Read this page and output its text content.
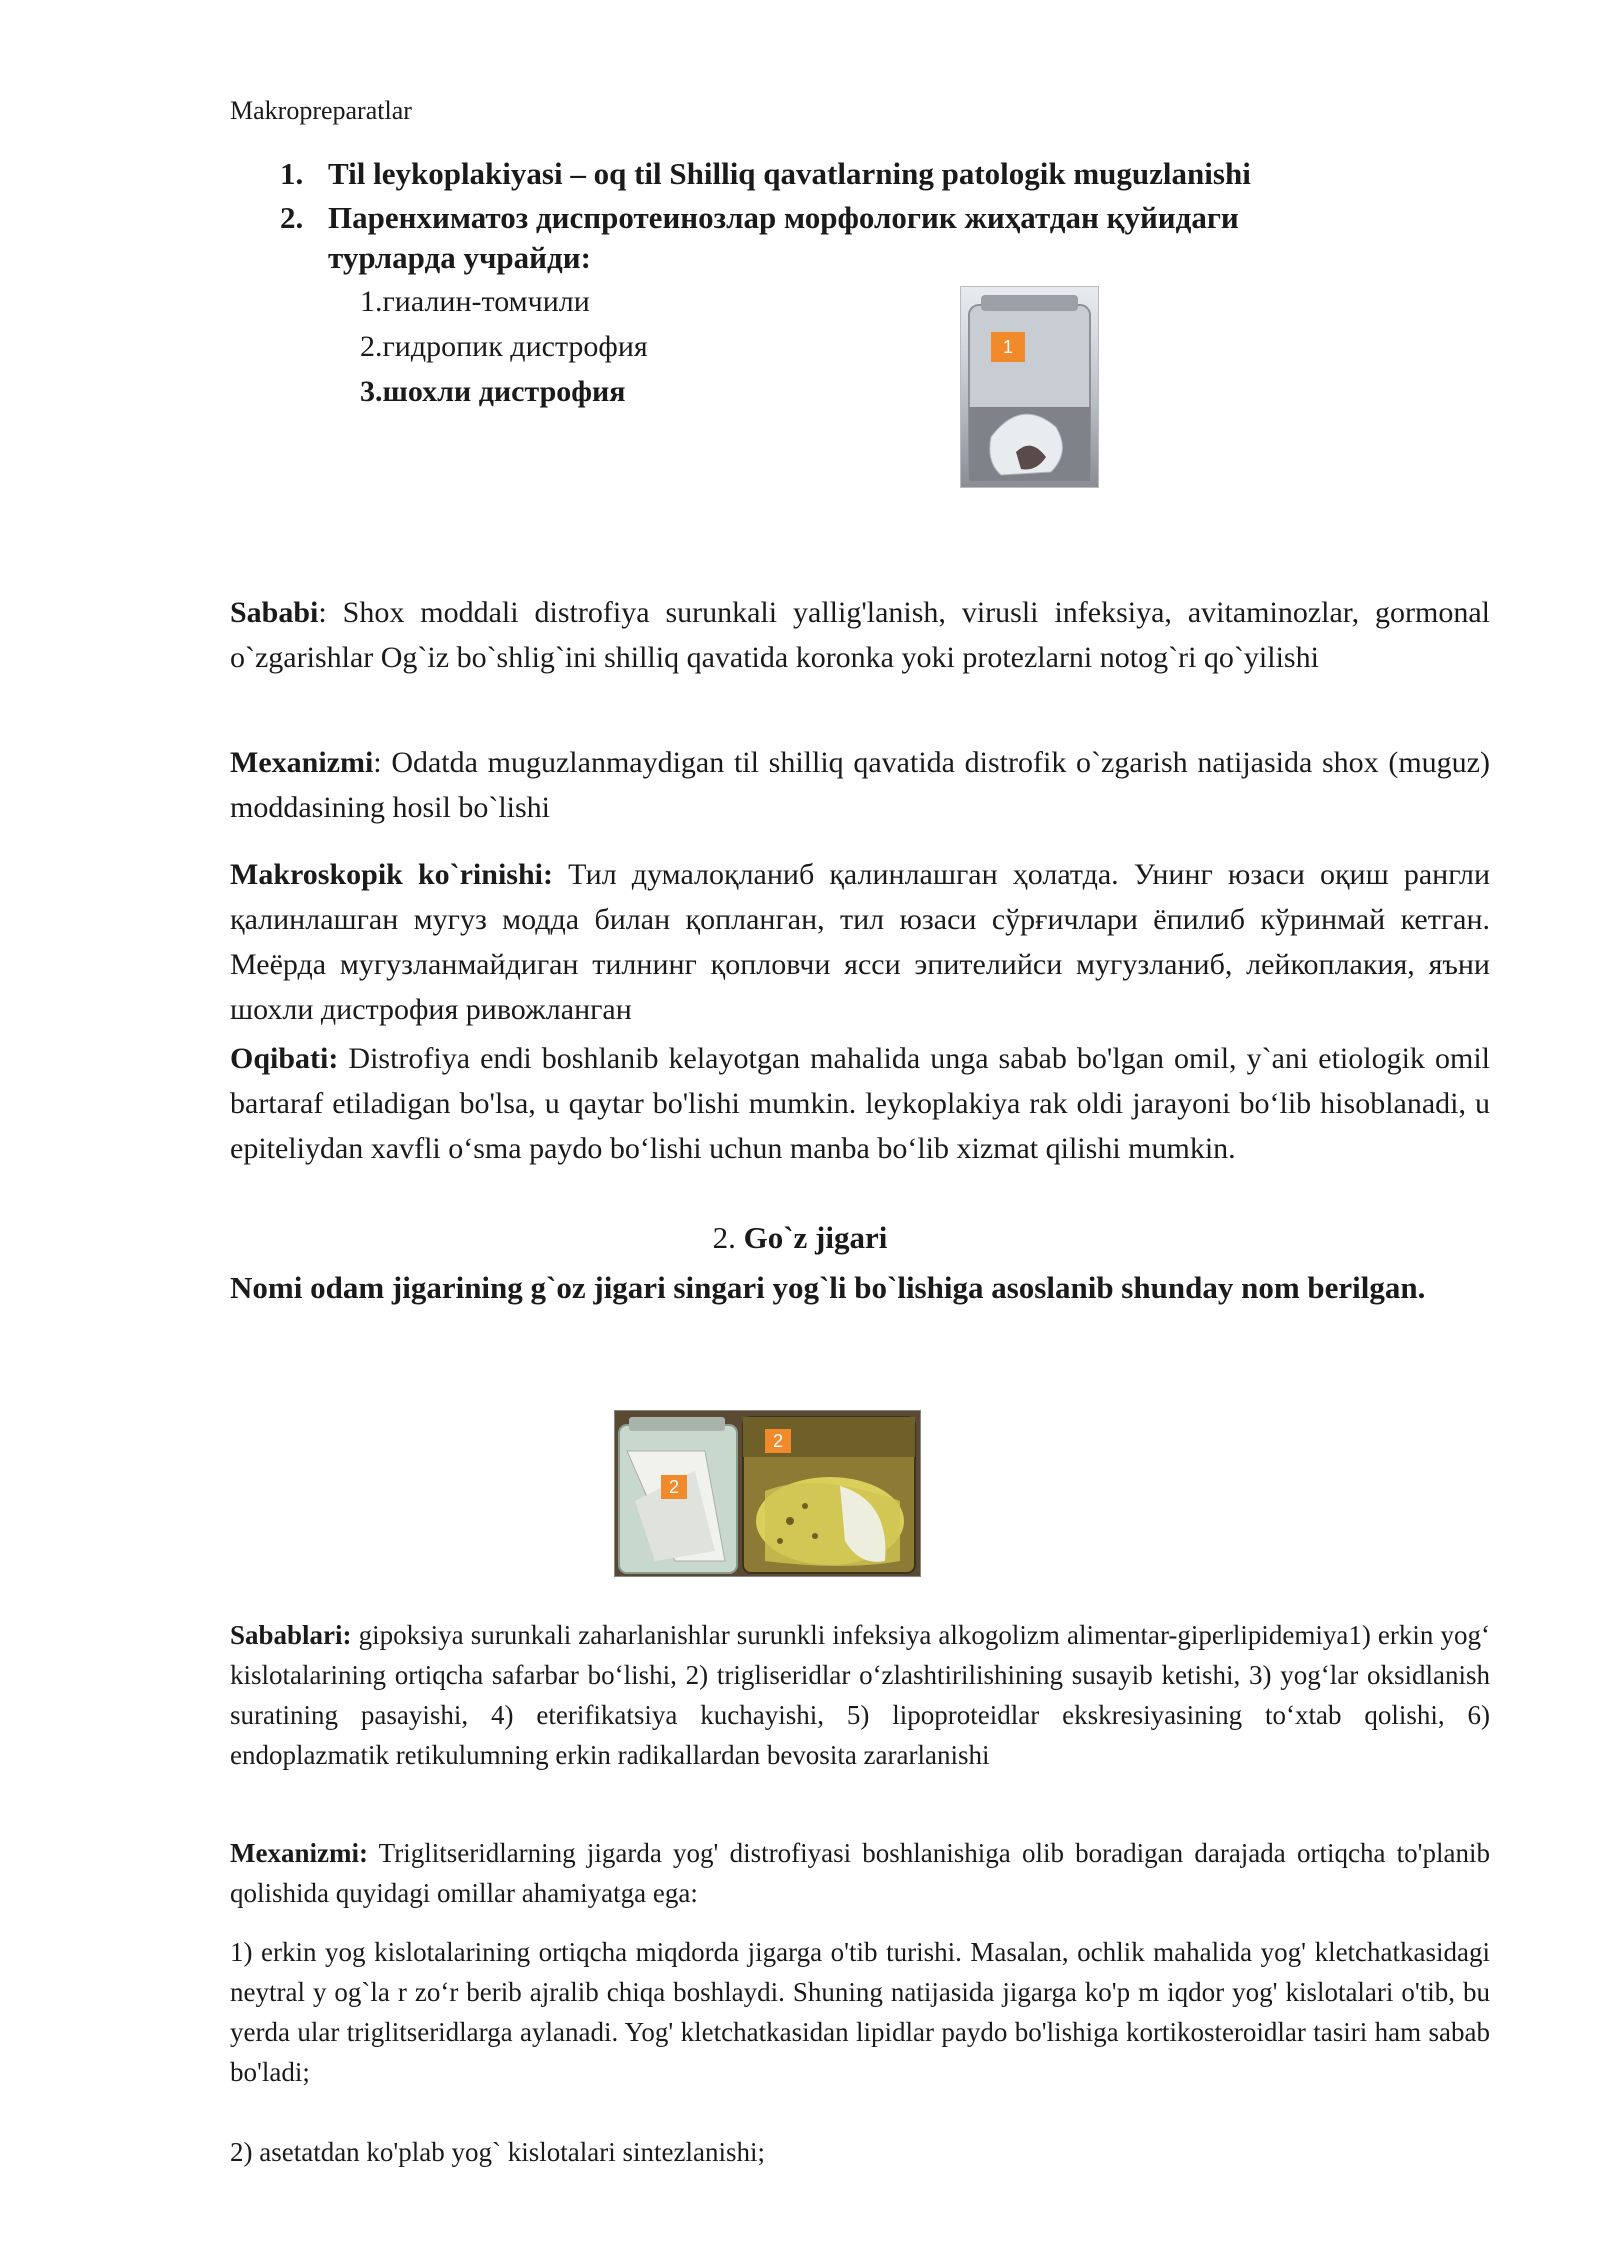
Makropreparatlar
1. Til leykoplakiyasi – oq til Shilliq qavatlarning patologik muguzlanishi
2. Паренхиматоз диспротеинозлар морфологик жиҳатдан қуйидаги
турларда учрайди:
1.гиалин-томчили
2.гидропик дистрофия
3.шохли дистрофия
1
Sababi: Shox moddali distrofiya surunkali yallig'lanish, virusli infeksiya, avitaminozlar, gormonal o`zgarishlar Og`iz bo`shlig`ini shilliq qavatida koronka yoki protezlarni notog`ri qo`yilishi
Mexanizmi: Odatda muguzlanmaydigan til shilliq qavatida distrofik o`zgarish natijasida shox (muguz) moddasining hosil bo`lishi
Makroskopik ko`rinishi: Тил думалоқланиб қалинлашган ҳолатда. Унинг юзаси оқиш рангли қалинлашган мугуз модда билан қопланган, тил юзаси сўрғичлари ёпилиб кўринмай кетган. Меёрда мугузланмайдиган тилнинг қопловчи ясси эпителийси мугузланиб, лейкоплакия, яъни шохли дистрофия ривожланган
Oqibati: Distrofiya endi boshlanib kelayotgan mahalida unga sabab bo'lgan omil, y`ani etiologik omil bartaraf etiladigan bo'lsa, u qaytar bo'lishi mumkin. leykoplakiya rak oldi jarayoni boʻlib hisoblanadi, u epiteliydan xavfli oʻsma paydo boʻlishi uchun manba boʻlib xizmat qilishi mumkin.
2. Go`z jigari
Nomi odam jigarining g`oz jigari singari yog`li bo`lishiga asoslanib shunday nom berilgan.
2
2
Sabablari: gipoksiya surunkali zaharlanishlar surunkli infeksiya alkogolizm alimentar-giperlipidemiya1) erkin yogʻ kislotalarining ortiqcha safarbar boʻlishi, 2) trigliseridlar oʻzlashtirilishining susayib ketishi, 3) yogʻlar oksidlanish suratining pasayishi, 4) eterifikatsiya kuchayishi, 5) lipoproteidlar ekskresiyasining toʻxtab qolishi, 6) endoplazmatik retikulumning erkin radikallardan bevosita zararlanishi
Mexanizmi: Triglitseridlarning jigarda yog' distrofiyasi boshlanishiga olib boradigan darajada ortiqcha to'planib qolishida quyidagi omillar ahamiyatga ega:
1) erkin yog kislotalarining ortiqcha miqdorda jigarga o'tib turishi. Masalan, ochlik mahalida yog' kletchatkasidagi neytral y og`la r zoʻr berib ajralib chiqa boshlaydi. Shuning natijasida jigarga ko'p m iqdor yog' kislotalari o'tib, bu yerda ular triglitseridlarga aylanadi. Yog' kletchatkasidan lipidlar paydo bo'lishiga kortikosteroidlar tasiri ham sabab bo'ladi;
2) asetatdan ko'plab yog` kislotalari sintezlanishi;
